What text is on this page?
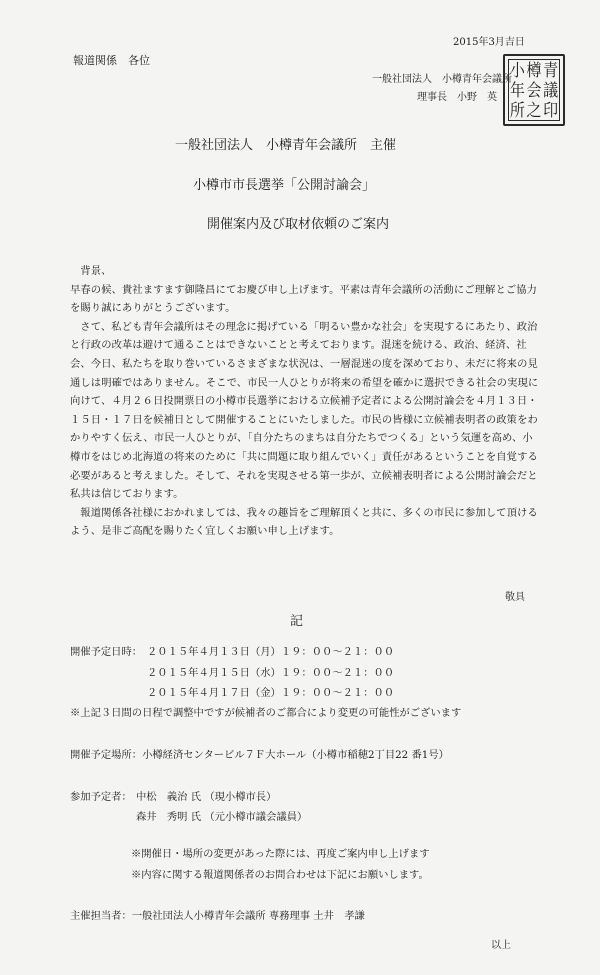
2015年3月吉日
報道関係　各位
一般社団法人　小樽青年会議所
理事長　小野　英
小 樽 青
年 会 議
所 之 印
一般社団法人　小樽青年会議所　主催
小樽市市長選挙「公開討論会」
開催案内及び取材依頼のご案内

背景、

早春の候、貴社ますます御隆昌にてお慶び申し上げます。平素は青年会議所の活動にご理解とご協力を賜り誠にありがとうございます。

さて、私ども青年会議所はその理念に掲げている「明るい豊かな社会」を実現するにあたり、政治と行政の改革は避けて通ることはできないことと考えております。混迷を続ける、政治、経済、社会、今日、私たちを取り巻いているさまざまな状況は、一層混迷の度を深めており、未だに将来の見通しは明確ではありません。そこで、市民一人ひとりが将来の希望を確かに選択できる社会の実現に向けて、４月２６日投開票日の小樽市長選挙における立候補予定者による公開討論会を４月１３日・１５日・１７日を候補日として開催することにいたしました。市民の皆様に立候補表明者の政策をわかりやすく伝え、市民一人ひとりが、「自分たちのまちは自分たちでつくる」という気運を高め、小樽市をはじめ北海道の将来のために「共に問題に取り組んでいく」責任があるということを自覚する必要があると考えました。そして、それを実現させる第一歩が、立候補表明者による公開討論会だと私共は信じております。

報道関係各社様におかれましては、我々の趣旨をご理解頂くと共に、多くの市民に参加して頂けるよう、是非ご高配を賜りたく宜しくお願い申し上げます。

敬具
記
開催予定日時： ２０１５年４月１３日（月）１９：００～２１：００
２０１５年４月１５日（水）１９：００～２１：００
２０１５年４月１７日（金）１９：００～２１：００
※上記３日間の日程で調整中ですが候補者のご都合により変更の可能性がございます
開催予定場所：小樽経済センタービル７Ｆ大ホール（小樽市稲穂2丁目22 番1号）
参加予定者： 中松　義治 氏 （現小樽市長）
森井　秀明 氏 （元小樽市議会議員）
※開催日・場所の変更があった際には、再度ご案内申し上げます
※内容に関する報道関係者のお問合わせは下記にお願いします。
主催担当者：一般社団法人小樽青年会議所 専務理事 土井　孝謙
以上
